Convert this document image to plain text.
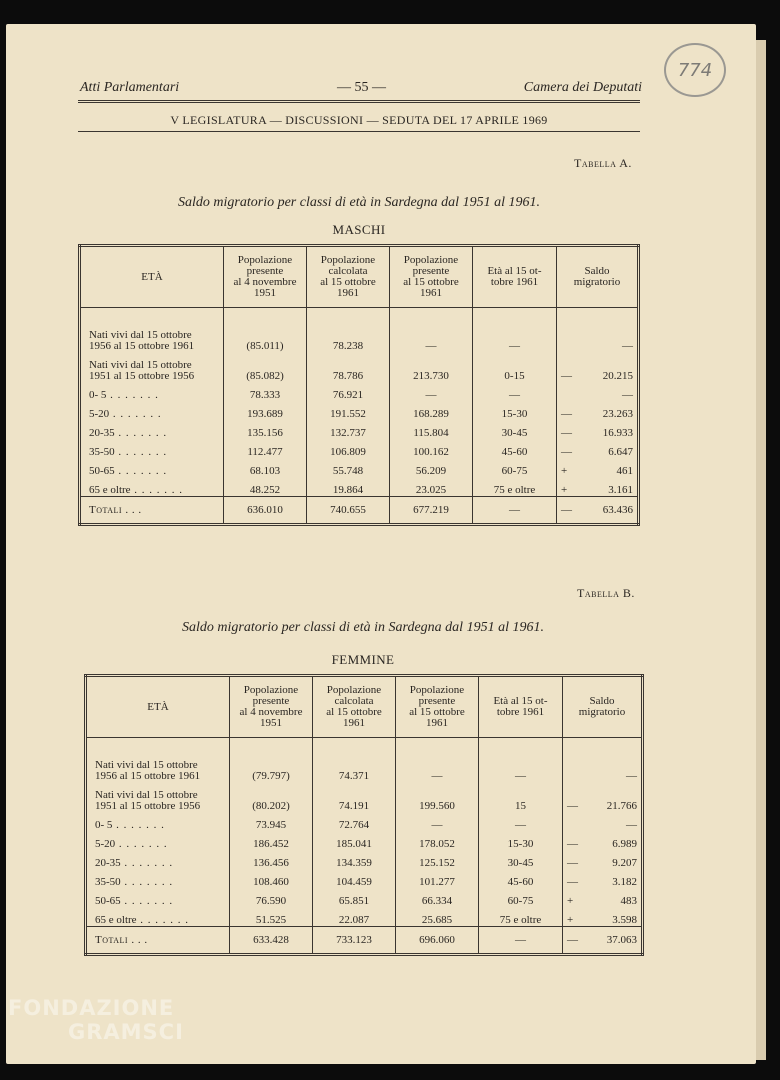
Atti Parlamentari	— 55 —	Camera dei Deputati
774
V LEGISLATURA — DISCUSSIONI — SEDUTA DEL 17 APRILE 1969
Tabella A.
Saldo migratorio per classi di età in Sardegna dal 1951 al 1961.
MASCHI
ETÀ	Popolazione
presente
al 4 novembre
1951	Popolazione
calcolata
al 15 ottobre
1961	Popolazione
presente
al 15 ottobre
1961	Età al 15 ot-
tobre 1961	Saldo
migratorio

Nati vivi dal 15 ottobre
1956 al 15 ottobre 1961	(85.011)	78.238	—	—	—
Nati vivi dal 15 ottobre
1951 al 15 ottobre 1956	(85.082)	78.786	213.730	0-15	— 20.215
0- 5 . . .	78.333	76.921	—	—	—
5-20 . . .	193.689	191.552	168.289	15-30	— 23.263
20-35 . . .	135.156	132.737	115.804	30-45	— 16.933
35-50 . . .	112.477	106.809	100.162	45-60	— 6.647
50-65 . . .	68.103	55.748	56.209	60-75	+ 461
65 e oltre . . .	48.252	19.864	23.025	75 e oltre	+ 3.161
Totali . . .	636.010	740.655	677.219	—	— 63.436
Tabella B.
Saldo migratorio per classi di età in Sardegna dal 1951 al 1961.
FEMMINE
ETÀ	Popolazione
presente
al 4 novembre
1951	Popolazione
calcolata
al 15 ottobre
1961	Popolazione
presente
al 15 ottobre
1961	Età al 15 ot-
tobre 1961	Saldo
migratorio

Nati vivi dal 15 ottobre
1956 al 15 ottobre 1961	(79.797)	74.371	—	—	—
Nati vivi dal 15 ottobre
1951 al 15 ottobre 1956	(80.202)	74.191	199.560	15	— 21.766
0- 5 . . .	73.945	72.764	—	—	—
5-20 . . .	186.452	185.041	178.052	15-30	— 6.989
20-35 . . .	136.456	134.359	125.152	30-45	— 9.207
35-50 . . .	108.460	104.459	101.277	45-60	— 3.182
50-65 . . .	76.590	65.851	66.334	60-75	+ 483
65 e oltre . . .	51.525	22.087	25.685	75 e oltre	+ 3.598
Totali . . .	633.428	733.123	696.060	—	— 37.063
FONDAZIONE
GRAMSCI
